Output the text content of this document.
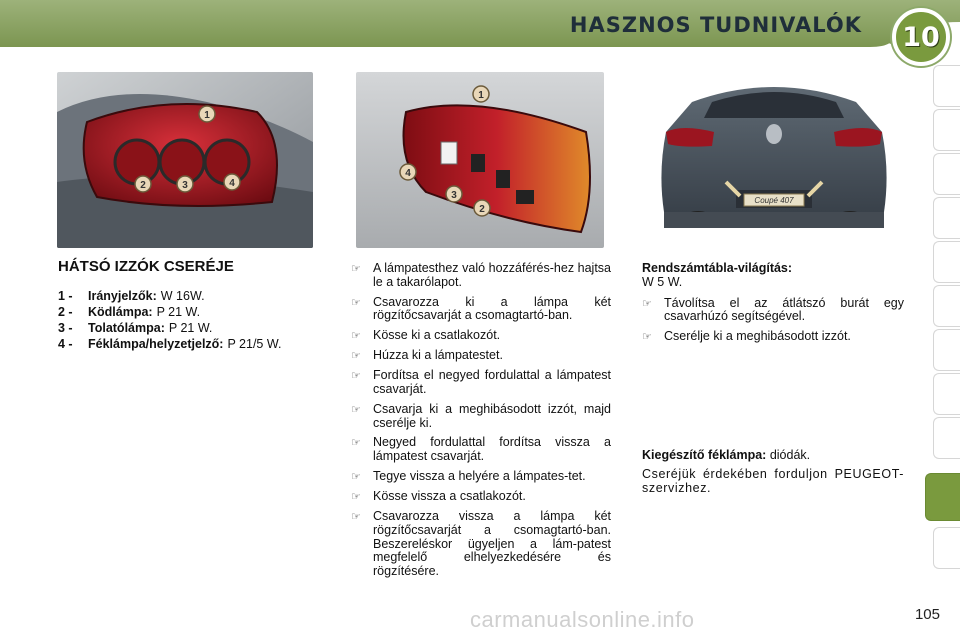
HASZNOS TUDNIVALÓK 10
1
2	3	4
1
4
3
2
Coupé 407
HÁTSÓ IZZÓK CSERÉJE
1 -	Irányjelzők: W 16W.
2 -	Ködlámpa: P 21 W.
3 -	Tolatólámpa: P 21 W.
4 -	Féklámpa/helyzetjelző: P 21/5 W.
☞ A lámpatesthez való hozzáférés-hez hajtsa le a takarólapot.
☞ Csavarozza ki a lámpa két rögzítőcsavarját a csomagtartó-ban.
☞ Kösse ki a csatlakozót.
☞ Húzza ki a lámpatestet.
☞ Fordítsa el negyed fordulattal a lámpatest csavarját.
☞ Csavarja ki a meghibásodott izzót, majd cserélje ki.
☞ Negyed fordulattal fordítsa vissza a lámpatest csavarját.
☞ Tegye vissza a helyére a lámpates-tet.
☞ Kösse vissza a csatlakozót.
☞ Csavarozza vissza a lámpa két rögzítőcsavarját a csomagtartó-ban. Beszereléskor ügyeljen a lám-patest megfelelő elhelyezkedésére és rögzítésére.
Rendszámtábla-világítás:
W 5 W.
☞ Távolítsa el az átlátszó burát egy csavarhúzó segítségével.
☞ Cserélje ki a meghibásodott izzót.
Kiegészítő féklámpa: diódák.
Cseréjük érdekében forduljon PEUGEOT-szervizhez.
carmanualsonline.info	105
